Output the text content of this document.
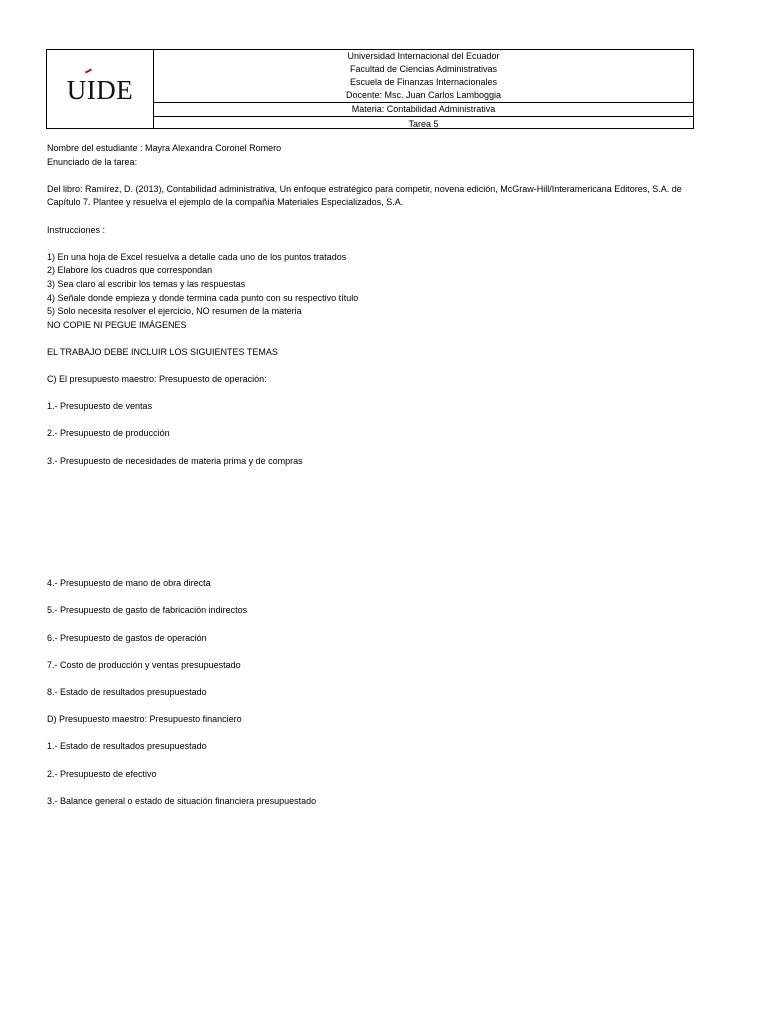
UIDE
Universidad Internacional del Ecuador
Facultad de Ciencias Administrativas
Escuela de Finanzas Internacionales
Docente: Msc. Juan Carlos Lamboggia
Materia: Contabilidad Administrativa
Tarea 5
Nombre del estudiante : Mayra Alexandra Coronel Romero
Enunciado de la tarea:
Del libro: Ramírez, D. (2013), Contabilidad administrativa, Un enfoque estratégico para competir, novena edición, McGraw-Hill/Interamericana Editores, S.A. de
Capítulo 7. Plantee y resuelva el ejemplo de la compañía Materiales Especializados, S.A.
Instrucciones :
1) En una hoja de Excel resuelva a detalle cada uno de los puntos tratados
2) Elabore los cuadros que correspondan
3) Sea claro al escribir los temas y las respuestas
4) Señale donde empieza y donde termina cada punto con su respectivo título
5) Solo necesita resolver el ejercicio, NO resumen de la materia
NO COPIE NI PEGUE IMÁGENES
EL TRABAJO DEBE INCLUIR LOS SIGUIENTES TEMAS
C) El presupuesto maestro: Presupuesto de operación:
1.- Presupuesto de ventas
2.- Presupuesto de producción
3.- Presupuesto de necesidades de materia prima y de compras
4.- Presupuesto de mano de obra directa
5.- Presupuesto de gasto de fabricación indirectos
6.- Presupuesto de gastos de operación
7.- Costo de producción y ventas presupuestado
8.- Estado de resultados presupuestado
D) Presupuesto maestro: Presupuesto financiero
1.- Estado de resultados presupuestado
2.- Presupuesto de efectivo
3.- Balance general o estado de situación financiera presupuestado
